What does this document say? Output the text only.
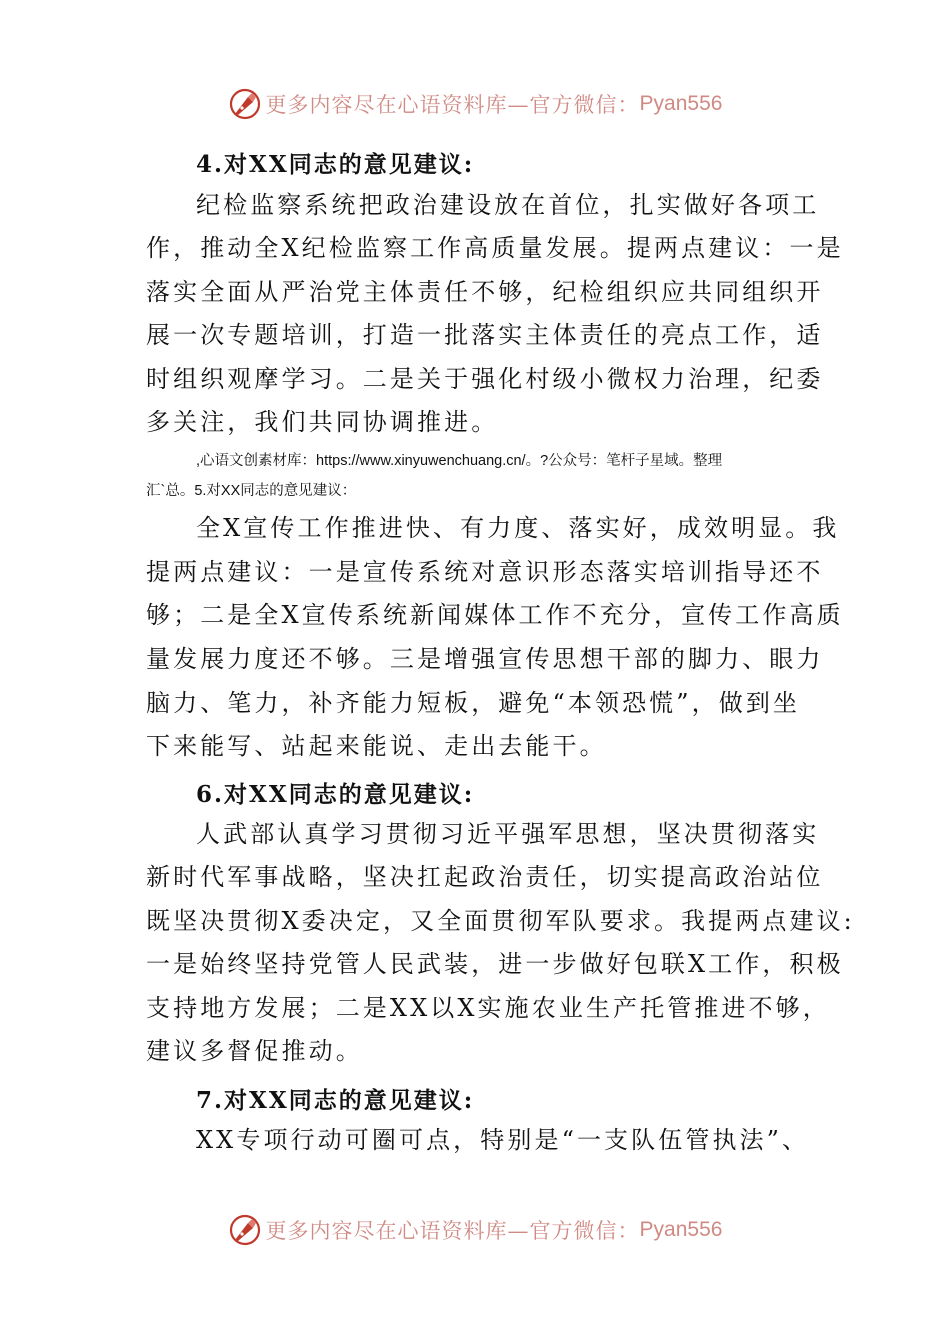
更多内容尽在心语资料库—官方微信： Pyan556
4.对XX同志的意见建议:
纪检监察系统把政治建设放在首位，扎实做好各项工
作，推动全X纪检监察工作高质量发展。提两点建议：一是
落实全面从严治党主体责任不够，纪检组织应共同组织开
展一次专题培训，打造一批落实主体责任的亮点工作，适
时组织观摩学习。二是关于强化村级小微权力治理，纪委
多关注，我们共同协调推进。
,心语文创素材库：https://www.xinyuwenchuang.cn/。?公众号：笔杆子星域。整理
汇`总。5.对XX同志的意见建议：
全X宣传工作推进快、有力度、落实好，成效明显。我
提两点建议：一是宣传系统对意识形态落实培训指导还不
够；二是全X宣传系统新闻媒体工作不充分，宣传工作高质
量发展力度还不够。三是增强宣传思想干部的脚力、眼力
脑力、笔力，补齐能力短板，避免“本领恐慌”，做到坐
下来能写、站起来能说、走出去能干。
6.对XX同志的意见建议:
人武部认真学习贯彻习近平强军思想，坚决贯彻落实
新时代军事战略，坚决扛起政治责任，切实提高政治站位
既坚决贯彻X委决定，又全面贯彻军队要求。我提两点建议:
一是始终坚持党管人民武装，进一步做好包联X工作，积极
支持地方发展；二是XX以X实施农业生产托管推进不够，
建议多督促推动。
7.对XX同志的意见建议:
XX专项行动可圈可点，特别是“一支队伍管执法”、
更多内容尽在心语资料库—官方微信： Pyan556
